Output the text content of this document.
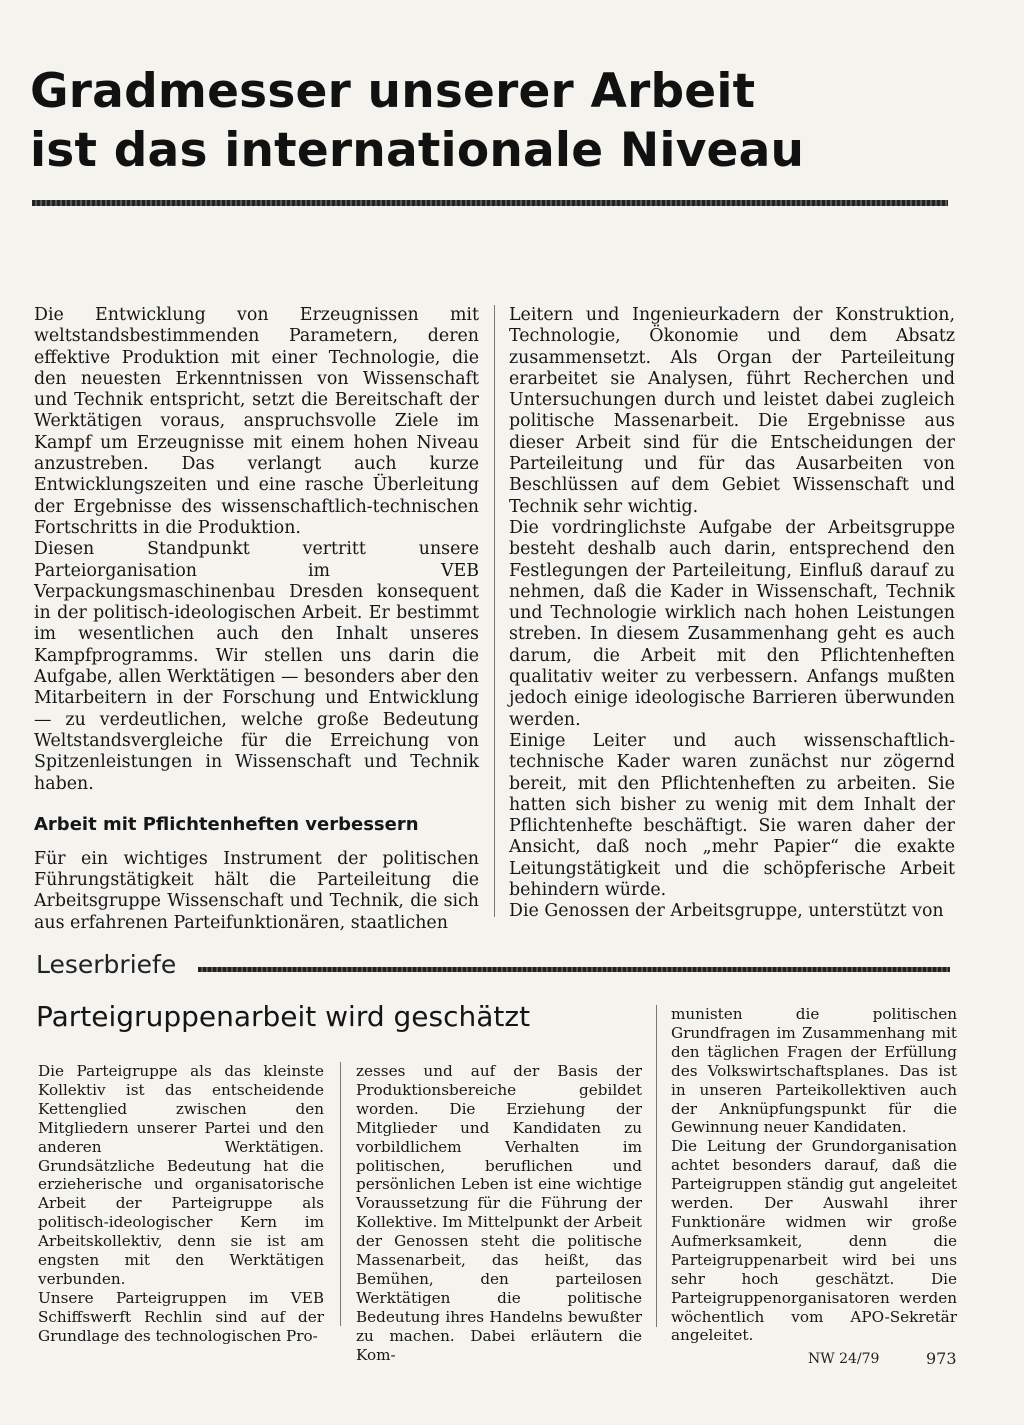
Gradmesser unserer Arbeit
ist das internationale Niveau

Die Entwicklung von Erzeugnissen mit weltstandsbestimmenden Parametern, deren effektive Produktion mit einer Technologie, die den neuesten Erkenntnissen von Wissenschaft und Technik entspricht, setzt die Bereitschaft der Werktätigen voraus, anspruchsvolle Ziele im Kampf um Erzeugnisse mit einem hohen Niveau anzustreben. Das verlangt auch kurze Entwicklungszeiten und eine rasche Überleitung der Ergebnisse des wissenschaftlich-technischen Fortschritts in die Produktion.

Diesen Standpunkt vertritt unsere Parteiorganisation im VEB Verpackungsmaschinenbau Dresden konsequent in der politisch-ideologischen Arbeit. Er bestimmt im wesentlichen auch den Inhalt unseres Kampfprogramms. Wir stellen uns darin die Aufgabe, allen Werktätigen — besonders aber den Mitarbeitern in der Forschung und Entwicklung — zu verdeutlichen, welche große Bedeutung Weltstandsvergleiche für die Erreichung von Spitzenleistungen in Wissenschaft und Technik haben.

Arbeit mit Pflichtenheften verbessern

Für ein wichtiges Instrument der politischen Führungstätigkeit hält die Parteileitung die Arbeitsgruppe Wissenschaft und Technik, die sich aus erfahrenen Parteifunktionären, staatlichen

Leitern und Ingenieurkadern der Konstruktion, Technologie, Ökonomie und dem Absatz zusammensetzt. Als Organ der Parteileitung erarbeitet sie Analysen, führt Recherchen und Untersuchungen durch und leistet dabei zugleich politische Massenarbeit. Die Ergebnisse aus dieser Arbeit sind für die Entscheidungen der Parteileitung und für das Ausarbeiten von Beschlüssen auf dem Gebiet Wissenschaft und Technik sehr wichtig.

Die vordringlichste Aufgabe der Arbeitsgruppe besteht deshalb auch darin, entsprechend den Festlegungen der Parteileitung, Einfluß darauf zu nehmen, daß die Kader in Wissenschaft, Technik und Technologie wirklich nach hohen Leistungen streben. In diesem Zusammenhang geht es auch darum, die Arbeit mit den Pflichtenheften qualitativ weiter zu verbessern. Anfangs mußten jedoch einige ideologische Barrieren überwunden werden.

Einige Leiter und auch wissenschaftlich-technische Kader waren zunächst nur zögernd bereit, mit den Pflichtenheften zu arbeiten. Sie hatten sich bisher zu wenig mit dem Inhalt der Pflichtenhefte beschäftigt. Sie waren daher der Ansicht, daß noch „mehr Papier“ die exakte Leitungstätigkeit und die schöpferische Arbeit behindern würde.

Die Genossen der Arbeitsgruppe, unterstützt von

Leserbriefe
Parteigruppenarbeit wird geschätzt

Die Parteigruppe als das kleinste Kollektiv ist das entscheidende Kettenglied zwischen den Mitgliedern unserer Partei und den anderen Werktätigen. Grundsätzliche Bedeutung hat die erzieherische und organisatorische Arbeit der Parteigruppe als politisch-ideologischer Kern im Arbeitskollektiv, denn sie ist am engsten mit den Werktätigen verbunden.

Unsere Parteigruppen im VEB Schiffswerft Rechlin sind auf der Grundlage des technologischen Pro-

zesses und auf der Basis der Produktionsbereiche gebildet worden. Die Erziehung der Mitglieder und Kandidaten zu vorbildlichem Verhalten im politischen, beruflichen und persönlichen Leben ist eine wichtige Voraussetzung für die Führung der Kollektive. Im Mittelpunkt der Arbeit der Genossen steht die politische Massenarbeit, das heißt, das Bemühen, den parteilosen Werktätigen die politische Bedeutung ihres Handelns bewußter zu machen. Dabei erläutern die Kom-

munisten die politischen Grundfragen im Zusammenhang mit den täglichen Fragen der Erfüllung des Volkswirtschaftsplanes. Das ist in unseren Parteikollektiven auch der Anknüpfungspunkt für die Gewinnung neuer Kandidaten.

Die Leitung der Grundorganisation achtet besonders darauf, daß die Parteigruppen ständig gut angeleitet werden. Der Auswahl ihrer Funktionäre widmen wir große Aufmerksamkeit, denn die Parteigruppenarbeit wird bei uns sehr hoch geschätzt. Die Parteigruppenorganisatoren werden wöchentlich vom APO-Sekretär angeleitet.

NW 24/79	973
